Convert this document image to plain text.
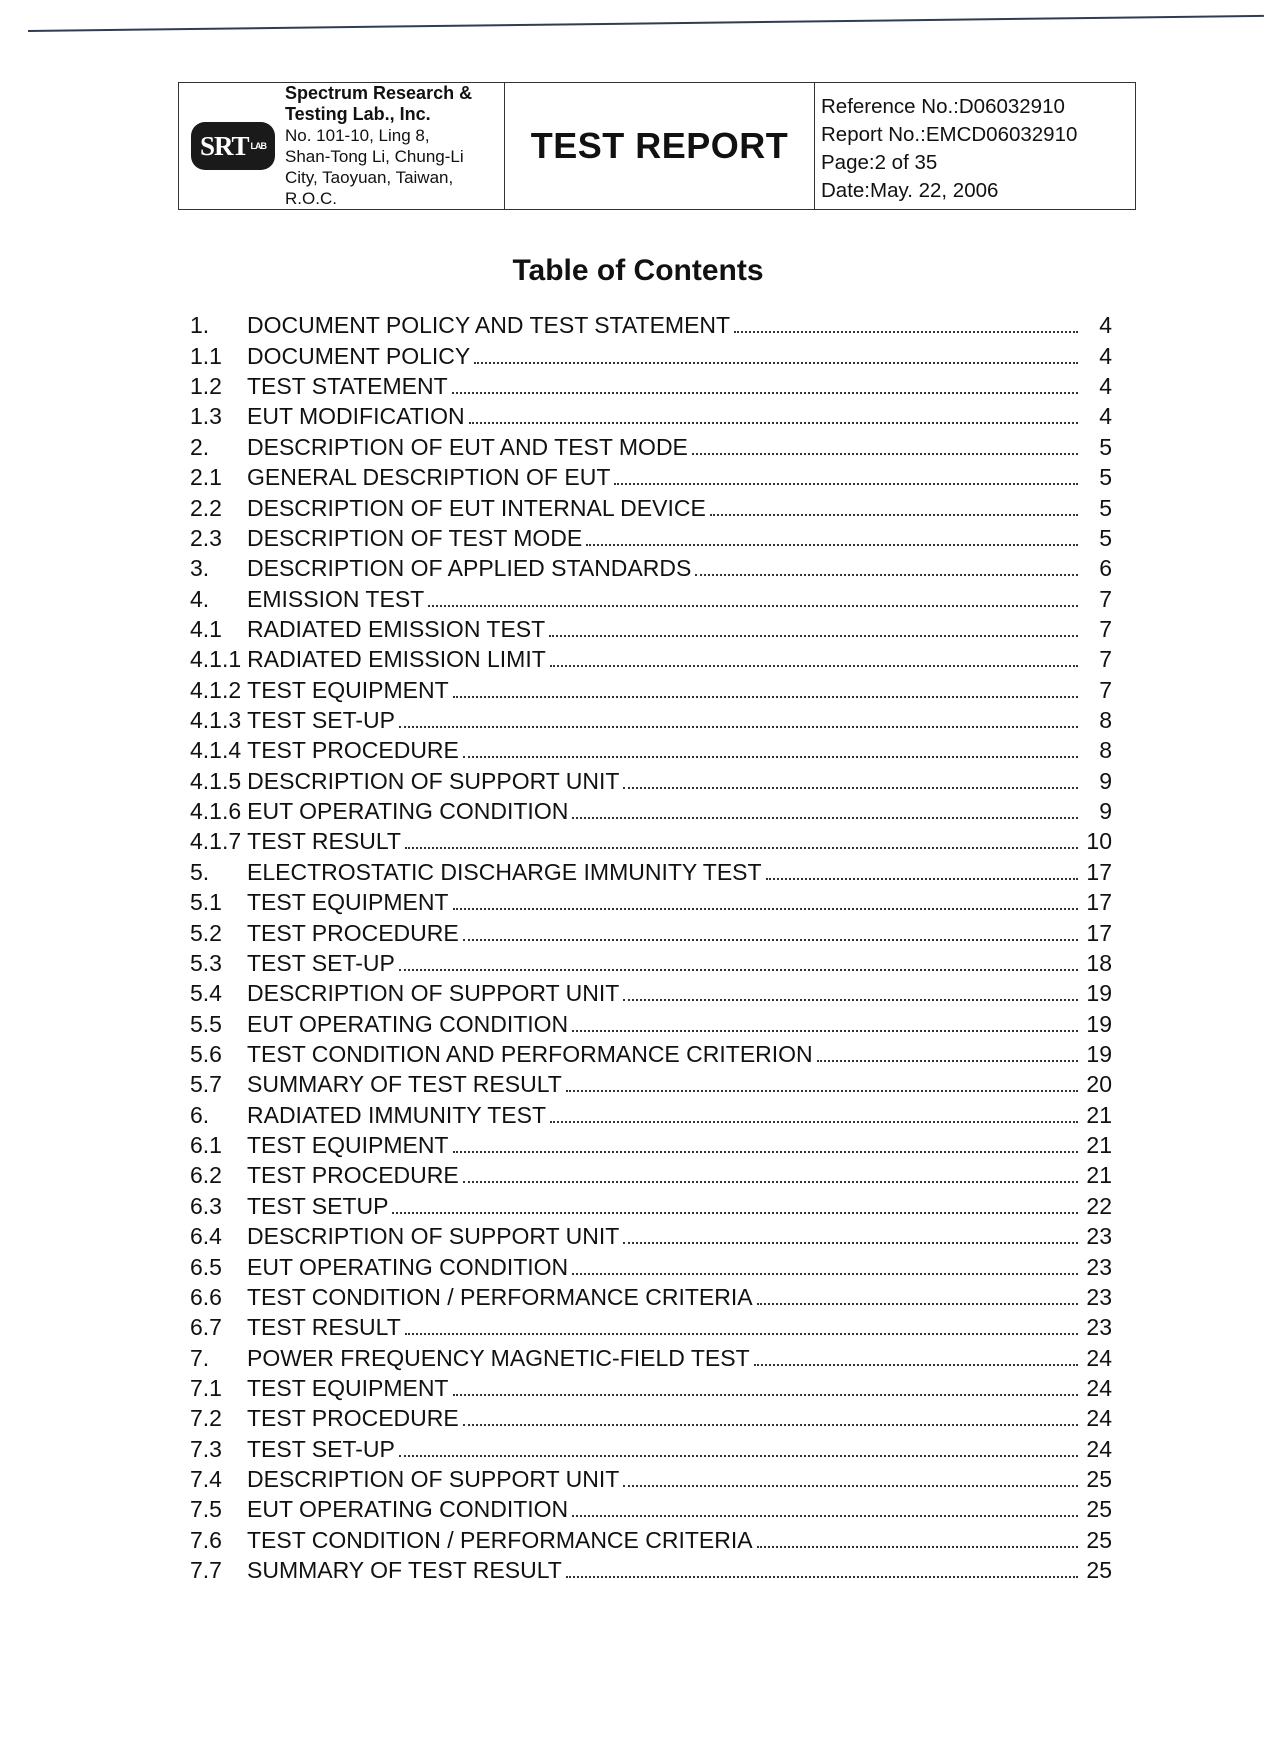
SRT LAB
Spectrum Research &
Testing Lab., Inc.
No. 101-10, Ling 8,
Shan-Tong Li, Chung-Li
City, Taoyuan, Taiwan,
R.O.C.
TEST REPORT
Reference No.:D06032910
Report No.:EMCD06032910
Page:2 of 35
Date:May. 22, 2006
Table of Contents
1.	DOCUMENT POLICY AND TEST STATEMENT	4
1.1	DOCUMENT POLICY	4
1.2	TEST STATEMENT	4
1.3	EUT MODIFICATION	4
2.	DESCRIPTION OF EUT AND TEST MODE	5
2.1	GENERAL DESCRIPTION OF EUT	5
2.2	DESCRIPTION OF EUT INTERNAL DEVICE	5
2.3	DESCRIPTION OF TEST MODE	5
3.	DESCRIPTION OF APPLIED STANDARDS	6
4.	EMISSION TEST	7
4.1	RADIATED EMISSION TEST	7
4.1.1 RADIATED EMISSION LIMIT	7
4.1.2 TEST EQUIPMENT	7
4.1.3 TEST SET-UP	8
4.1.4 TEST PROCEDURE	8
4.1.5 DESCRIPTION OF SUPPORT UNIT	9
4.1.6 EUT OPERATING CONDITION	9
4.1.7 TEST RESULT	10
5.	ELECTROSTATIC DISCHARGE IMMUNITY TEST	17
5.1	TEST EQUIPMENT	17
5.2	TEST PROCEDURE	17
5.3	TEST SET-UP	18
5.4	DESCRIPTION OF SUPPORT UNIT	19
5.5	EUT OPERATING CONDITION	19
5.6	TEST CONDITION AND PERFORMANCE CRITERION	19
5.7	SUMMARY OF TEST RESULT	20
6.	RADIATED IMMUNITY TEST	21
6.1	TEST EQUIPMENT	21
6.2	TEST PROCEDURE	21
6.3	TEST SETUP	22
6.4	DESCRIPTION OF SUPPORT UNIT	23
6.5	EUT OPERATING CONDITION	23
6.6	TEST CONDITION / PERFORMANCE CRITERIA	23
6.7	TEST RESULT	23
7.	POWER FREQUENCY MAGNETIC-FIELD TEST	24
7.1	TEST EQUIPMENT	24
7.2	TEST PROCEDURE	24
7.3	TEST SET-UP	24
7.4	DESCRIPTION OF SUPPORT UNIT	25
7.5	EUT OPERATING CONDITION	25
7.6	TEST CONDITION / PERFORMANCE CRITERIA	25
7.7	SUMMARY OF TEST RESULT	25
